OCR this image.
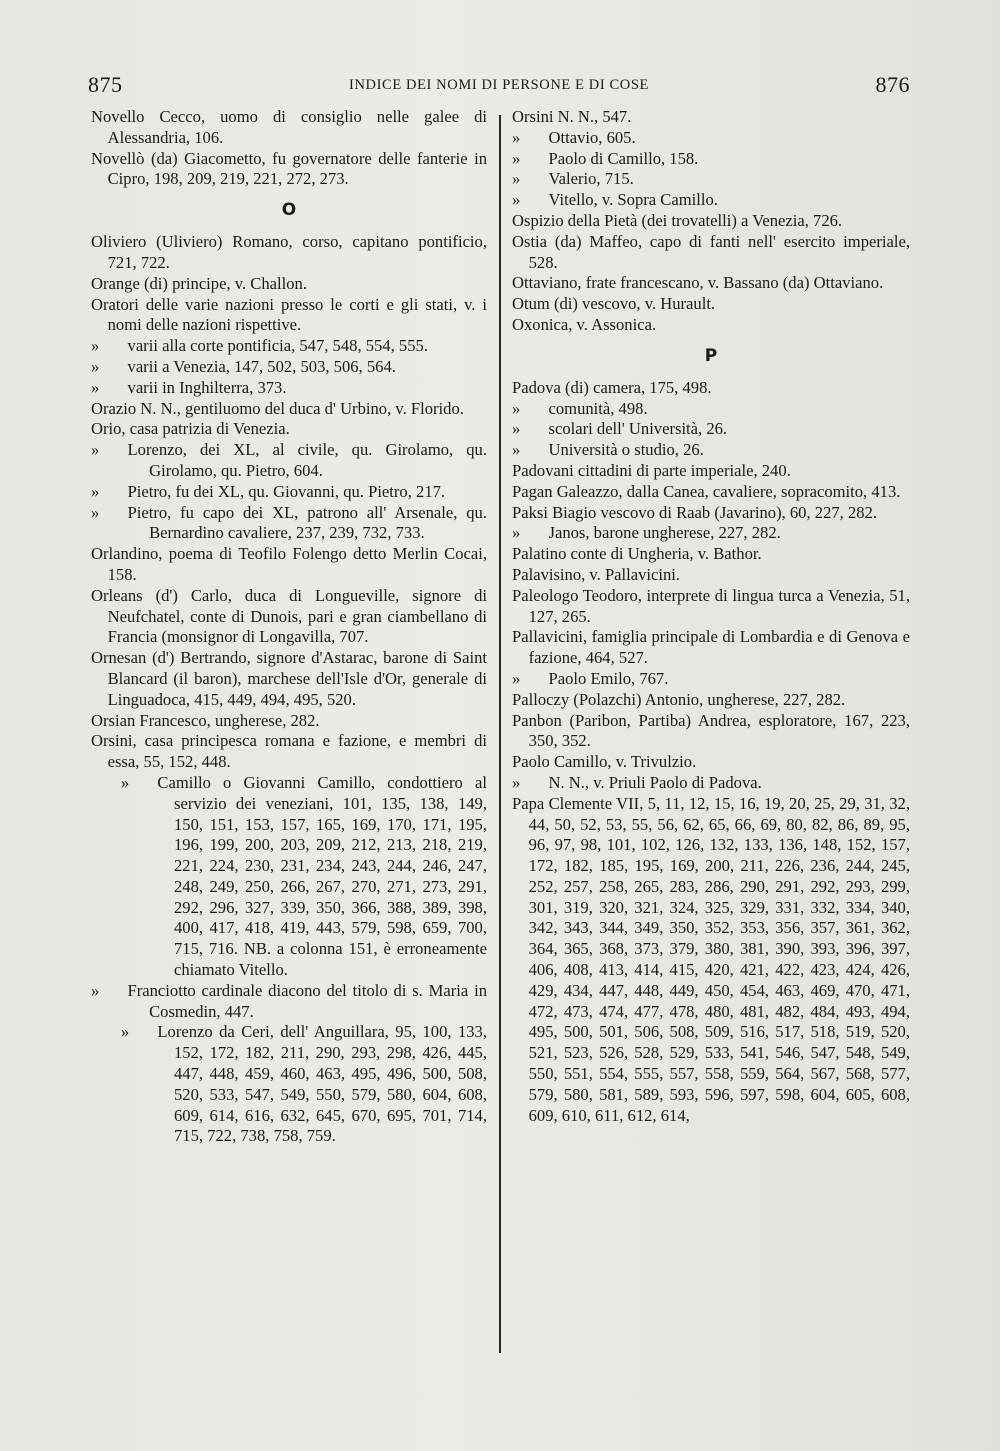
875	INDICE DEI NOMI DI PERSONE E DI COSE	876

Novello Cecco, uomo di consiglio nelle galee di Alessandria, 106.

Novellò (da) Giacometto, fu governatore delle fanterie in Cipro, 198, 209, 219, 221, 272, 273.

O

Oliviero (Uliviero) Romano, corso, capitano pontificio, 721, 722.

Orange (di) principe, v. Challon.

Oratori delle varie nazioni presso le corti e gli stati, v. i nomi delle nazioni rispettive.

» varii alla corte pontificia, 547, 548, 554, 555.

» varii a Venezia, 147, 502, 503, 506, 564.

» varii in Inghilterra, 373.

Orazio N. N., gentiluomo del duca d' Urbino, v. Florido.

Orio, casa patrizia di Venezia.

» Lorenzo, dei XL, al civile, qu. Girolamo, qu. Girolamo, qu. Pietro, 604.

» Pietro, fu dei XL, qu. Giovanni, qu. Pietro, 217.

» Pietro, fu capo dei XL, patrono all' Arsenale, qu. Bernardino cavaliere, 237, 239, 732, 733.

Orlandino, poema di Teofilo Folengo detto Merlin Cocai, 158.

Orleans (d') Carlo, duca di Longueville, signore di Neufchatel, conte di Dunois, pari e gran ciambellano di Francia (monsignor di Longavilla, 707.

Ornesan (d') Bertrando, signore d'Astarac, barone di Saint Blancard (il baron), marchese dell'Isle d'Or, generale di Linguadoca, 415, 449, 494, 495, 520.

Orsian Francesco, ungherese, 282.

Orsini, casa principesca romana e fazione, e membri di essa, 55, 152, 448.

» Camillo o Giovanni Camillo, condottiero al servizio dei veneziani, 101, 135, 138, 149, 150, 151, 153, 157, 165, 169, 170, 171, 195, 196, 199, 200, 203, 209, 212, 213, 218, 219, 221, 224, 230, 231, 234, 243, 244, 246, 247, 248, 249, 250, 266, 267, 270, 271, 273, 291, 292, 296, 327, 339, 350, 366, 388, 389, 398, 400, 417, 418, 419, 443, 579, 598, 659, 700, 715, 716. NB. a colonna 151, è erroneamente chiamato Vitello.

» Franciotto cardinale diacono del titolo di s. Maria in Cosmedin, 447.

» Lorenzo da Ceri, dell' Anguillara, 95, 100, 133, 152, 172, 182, 211, 290, 293, 298, 426, 445, 447, 448, 459, 460, 463, 495, 496, 500, 508, 520, 533, 547, 549, 550, 579, 580, 604, 608, 609, 614, 616, 632, 645, 670, 695, 701, 714, 715, 722, 738, 758, 759.

Orsini N. N., 547.

» Ottavio, 605.

» Paolo di Camillo, 158.

» Valerio, 715.

» Vitello, v. Sopra Camillo.

Ospizio della Pietà (dei trovatelli) a Venezia, 726.

Ostia (da) Maffeo, capo di fanti nell' esercito imperiale, 528.

Ottaviano, frate francescano, v. Bassano (da) Ottaviano.

Otum (di) vescovo, v. Hurault.

Oxonica, v. Assonica.

P

Padova (di) camera, 175, 498.

» comunità, 498.

» scolari dell' Università, 26.

» Università o studio, 26.

Padovani cittadini di parte imperiale, 240.

Pagan Galeazzo, dalla Canea, cavaliere, sopracomito, 413.

Paksi Biagio vescovo di Raab (Javarino), 60, 227, 282.

» Janos, barone ungherese, 227, 282.

Palatino conte di Ungheria, v. Bathor.

Palavisino, v. Pallavicini.

Paleologo Teodoro, interprete di lingua turca a Venezia, 51, 127, 265.

Pallavicini, famiglia principale di Lombardia e di Genova e fazione, 464, 527.

» Paolo Emilo, 767.

Palloczy (Polazchi) Antonio, ungherese, 227, 282.

Panbon (Paribon, Partiba) Andrea, esploratore, 167, 223, 350, 352.

Paolo Camillo, v. Trivulzio.

» N. N., v. Priuli Paolo di Padova.

Papa Clemente VII, 5, 11, 12, 15, 16, 19, 20, 25, 29, 31, 32, 44, 50, 52, 53, 55, 56, 62, 65, 66, 69, 80, 82, 86, 89, 95, 96, 97, 98, 101, 102, 126, 132, 133, 136, 148, 152, 157, 172, 182, 185, 195, 169, 200, 211, 226, 236, 244, 245, 252, 257, 258, 265, 283, 286, 290, 291, 292, 293, 299, 301, 319, 320, 321, 324, 325, 329, 331, 332, 334, 340, 342, 343, 344, 349, 350, 352, 353, 356, 357, 361, 362, 364, 365, 368, 373, 379, 380, 381, 390, 393, 396, 397, 406, 408, 413, 414, 415, 420, 421, 422, 423, 424, 426, 429, 434, 447, 448, 449, 450, 454, 463, 469, 470, 471, 472, 473, 474, 477, 478, 480, 481, 482, 484, 493, 494, 495, 500, 501, 506, 508, 509, 516, 517, 518, 519, 520, 521, 523, 526, 528, 529, 533, 541, 546, 547, 548, 549, 550, 551, 554, 555, 557, 558, 559, 564, 567, 568, 577, 579, 580, 581, 589, 593, 596, 597, 598, 604, 605, 608, 609, 610, 611, 612, 614,
